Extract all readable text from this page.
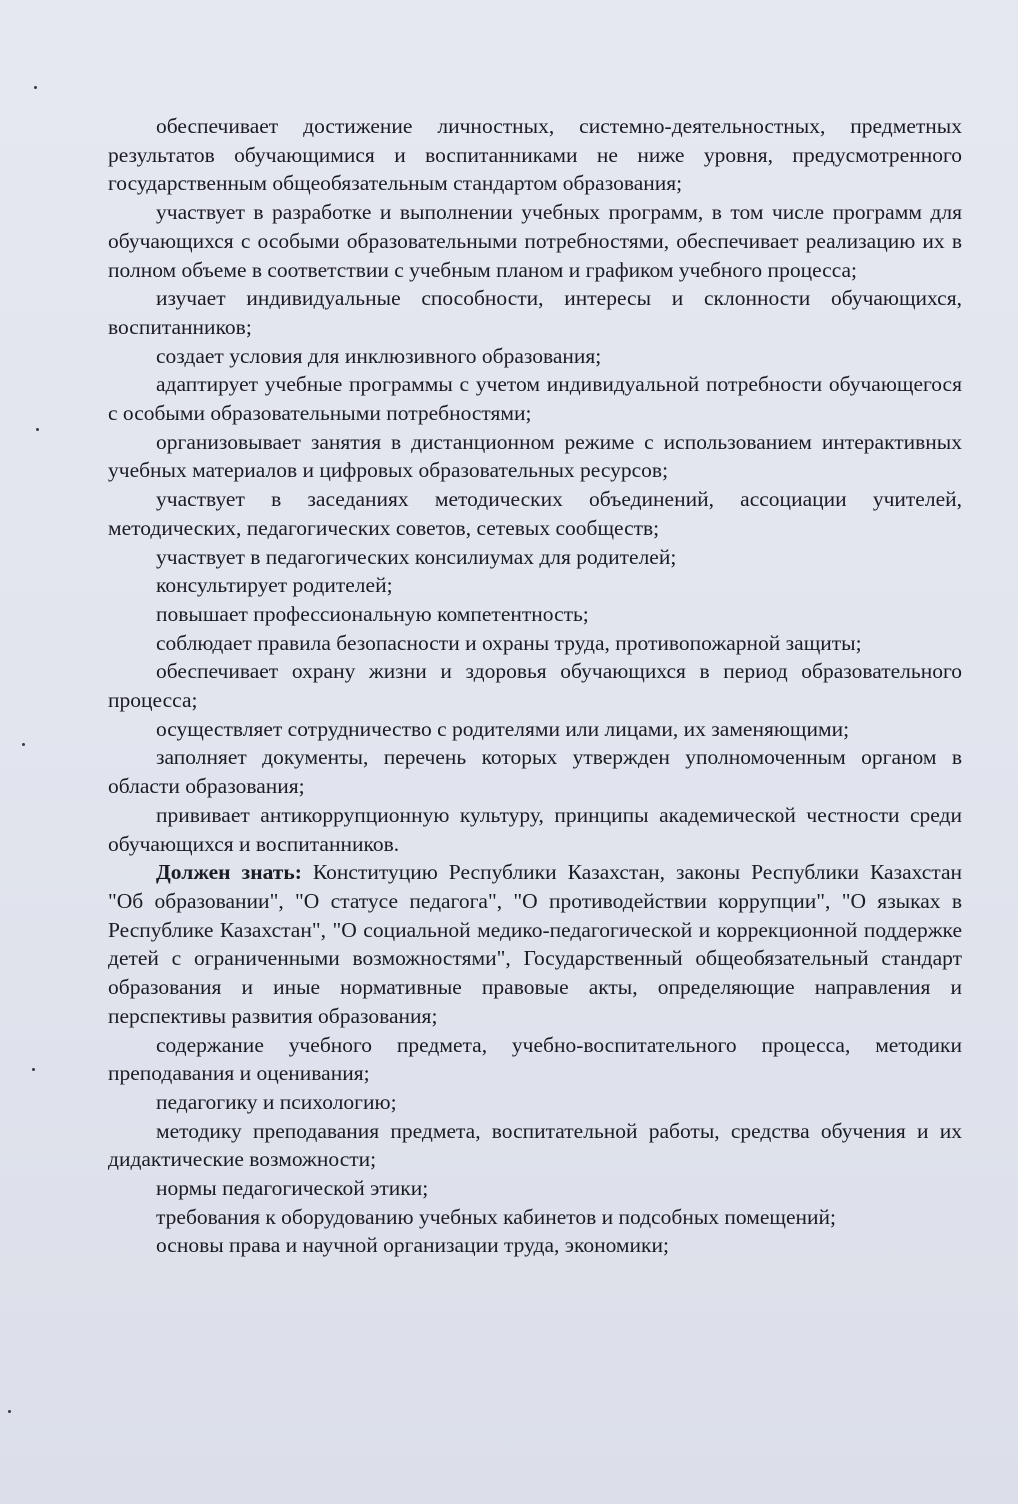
обеспечивает достижение личностных, системно-деятельностных, предметных результатов обучающимися и воспитанниками не ниже уровня, предусмотренного государственным общеобязательным стандартом образования;

участвует в разработке и выполнении учебных программ, в том числе программ для обучающихся с особыми образовательными потребностями, обеспечивает реализацию их в полном объеме в соответствии с учебным планом и графиком учебного процесса;

изучает индивидуальные способности, интересы и склонности обучающихся, воспитанников;

создает условия для инклюзивного образования;

адаптирует учебные программы с учетом индивидуальной потребности обучающегося с особыми образовательными потребностями;

организовывает занятия в дистанционном режиме с использованием интерактивных учебных материалов и цифровых образовательных ресурсов;

участвует в заседаниях методических объединений, ассоциации учителей, методических, педагогических советов, сетевых сообществ;

участвует в педагогических консилиумах для родителей;

консультирует родителей;

повышает профессиональную компетентность;

соблюдает правила безопасности и охраны труда, противопожарной защиты;

обеспечивает охрану жизни и здоровья обучающихся в период образовательного процесса;

осуществляет сотрудничество с родителями или лицами, их заменяющими;

заполняет документы, перечень которых утвержден уполномоченным органом в области образования;

прививает антикоррупционную культуру, принципы академической честности среди обучающихся и воспитанников.

Должен знать: Конституцию Республики Казахстан, законы Республики Казахстан "Об образовании", "О статусе педагога", "О противодействии коррупции", "О языках в Республике Казахстан", "О социальной медико-педагогической и коррекционной поддержке детей с ограниченными возможностями", Государственный общеобязательный стандарт образования и иные нормативные правовые акты, определяющие направления и перспективы развития образования;

содержание учебного предмета, учебно-воспитательного процесса, методики преподавания и оценивания;

педагогику и психологию;

методику преподавания предмета, воспитательной работы, средства обучения и их дидактические возможности;

нормы педагогической этики;

требования к оборудованию учебных кабинетов и подсобных помещений;

основы права и научной организации труда, экономики;
